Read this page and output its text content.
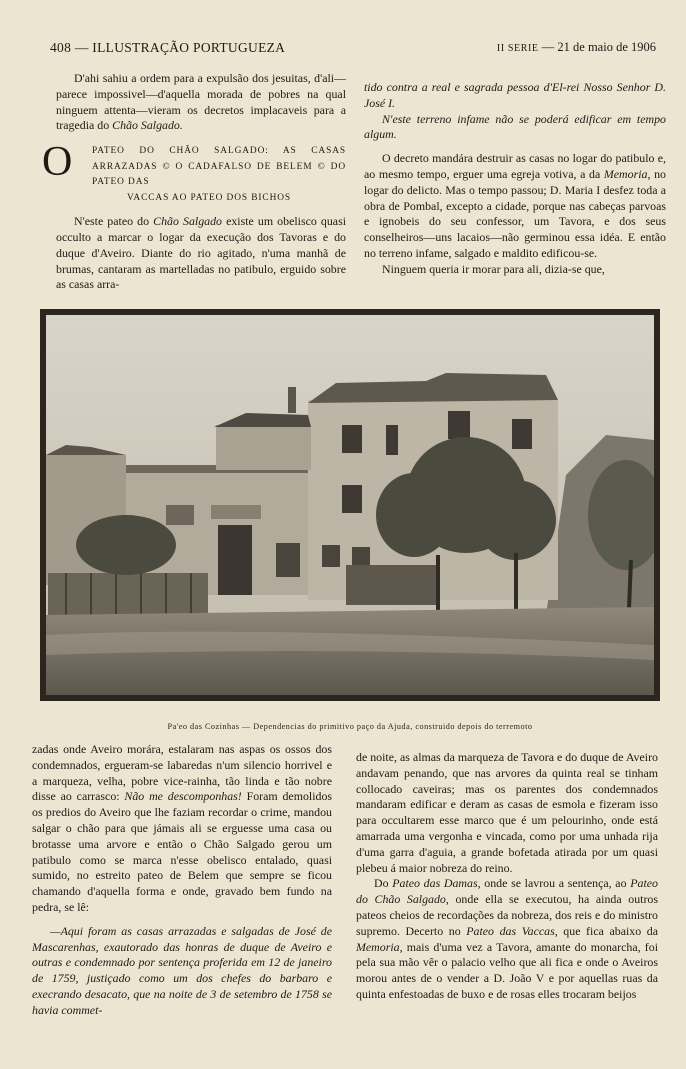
408 — ILLUSTRAÇÃO PORTUGUEZA	II SERIE — 21 de maio de 1906

D'ahi sahiu a ordem para a expulsão dos jesuitas, d'ali—parece impossivel—d'aquella morada de pobres na qual ninguem attenta—vieram os decretos implacaveis para a tragedia do Chão Salgado.

O PATEO DO CHÃO SALGADO: AS CASAS ARRAZADAS © O CADAFALSO DE BELEM © DO PATEO DAS
VACCAS AO PATEO DOS BICHOS

N'este pateo do Chão Salgado existe um obelisco quasi occulto a marcar o logar da execução dos Tavoras e do duque d'Aveiro. Diante do rio agitado, n'uma manhã de brumas, cantaram as martelladas no patibulo, erguido sobre as casas arra-

tido contra a real e sagrada pessoa d'El-rei Nosso Senhor D. José I.

N'este terreno infame não se poderá edificar em tempo algum.

O decreto mandára destruir as casas no logar do patibulo e, ao mesmo tempo, erguer uma egreja votiva, a da Memoria, no logar do delicto. Mas o tempo passou; D. Maria I desfez toda a obra de Pombal, excepto a cidade, porque nas cabeças parvoas e ignobeis do seu confessor, um Tavora, e dos seus conselheiros—uns lacaios—não germinou essa idéa. E então no terreno infame, salgado e maldito edificou-se.

Ninguem queria ir morar para ali, dizia-se que,

Pa'eo das Cozinhas — Dependencias do primitivo paço da Ajuda, construido depois do terremoto

zadas onde Aveiro morára, estalaram nas aspas os ossos dos condemnados, ergueram-se labaredas n'um silencio horrivel e a marqueza, velha, pobre vice-rainha, tão linda e tão nobre disse ao carrasco: Não me descomponhas! Foram demolidos os predios do Aveiro que lhe faziam recordar o crime, mandou salgar o chão para que jámais ali se erguesse uma casa ou brotasse uma arvore e então o Chão Salgado gerou um patibulo como se marca n'esse obelisco entalado, quasi sumido, no estreito pateo de Belem que sempre se ficou chamando d'aquella forma e onde, gravado bem fundo na pedra, se lê:

—Aqui foram as casas arrazadas e salgadas de José de Mascarenhas, exautorado das honras de duque de Aveiro e outras e condemnado por sentença proferida em 12 de janeiro de 1759, justiçado como um dos chefes do barbaro e execrando desacato, que na noite de 3 de setembro de 1758 se havia commet-

de noite, as almas da marqueza de Tavora e do duque de Aveiro andavam penando, que nas arvores da quinta real se tinham collocado caveiras; mas os parentes dos condemnados mandaram edificar e deram as casas de esmola e fizeram isso para occultarem esse marco que é um pelourinho, onde está amarrada uma vergonha e vincada, como por uma unhada rija d'uma garra d'aguia, a grande bofetada atirada por um quasi plebeu á maior nobreza do reino.

Do Pateo das Damas, onde se lavrou a sentença, ao Pateo do Chão Salgado, onde ella se executou, ha ainda outros pateos cheios de recordações da nobreza, dos reis e do ministro supremo. Decerto no Pateo das Vaccas, que fica abaixo da Memoria, mais d'uma vez a Tavora, amante do monarcha, foi pela sua mão vêr o palacio velho que ali fica e onde o Aveiros morou antes de o vender a D. João V e por aquellas ruas da quinta enfestoadas de buxo e de rosas elles trocaram beijos
